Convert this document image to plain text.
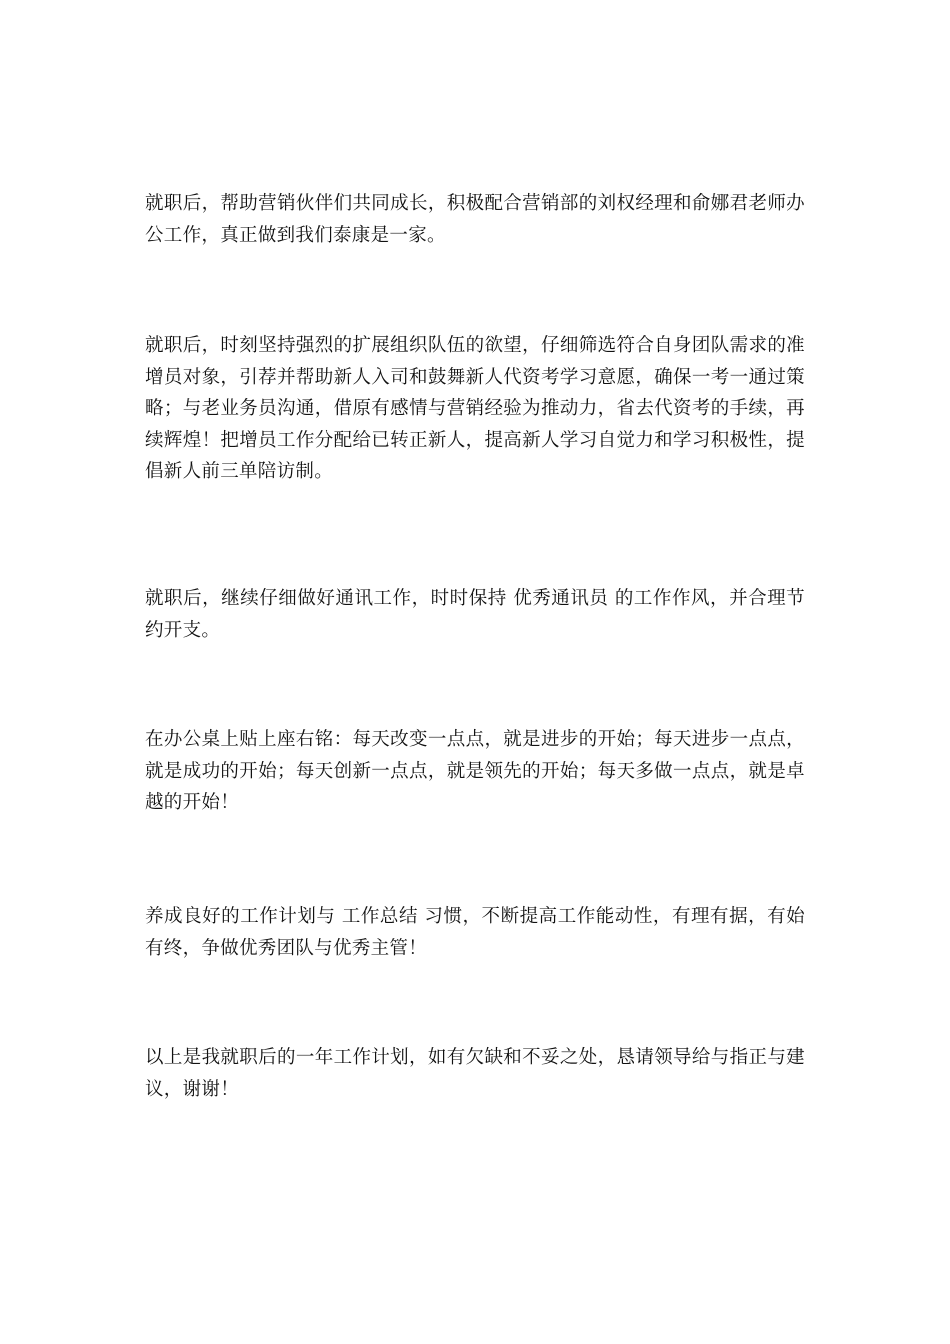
就职后，帮助营销伙伴们共同成长，积极配合营销部的刘权经理和俞娜君老师办公工作，真正做到我们泰康是一家。

就职后，时刻坚持强烈的扩展组织队伍的欲望，仔细筛选符合自身团队需求的准增员对象，引荐并帮助新人入司和鼓舞新人代资考学习意愿，确保一考一通过策略；与老业务员沟通，借原有感情与营销经验为推动力，省去代资考的手续，再续辉煌！把增员工作分配给已转正新人，提高新人学习自觉力和学习积极性，提倡新人前三单陪访制。

就职后，继续仔细做好通讯工作，时时保持 优秀通讯员 的工作作风，并合理节约开支。

在办公桌上贴上座右铭：每天改变一点点，就是进步的开始；每天进步一点点，就是成功的开始；每天创新一点点，就是领先的开始；每天多做一点点，就是卓越的开始！

养成良好的工作计划与 工作总结 习惯，不断提高工作能动性，有理有据，有始有终，争做优秀团队与优秀主管！

以上是我就职后的一年工作计划，如有欠缺和不妥之处，恳请领导给与指正与建议，谢谢！
